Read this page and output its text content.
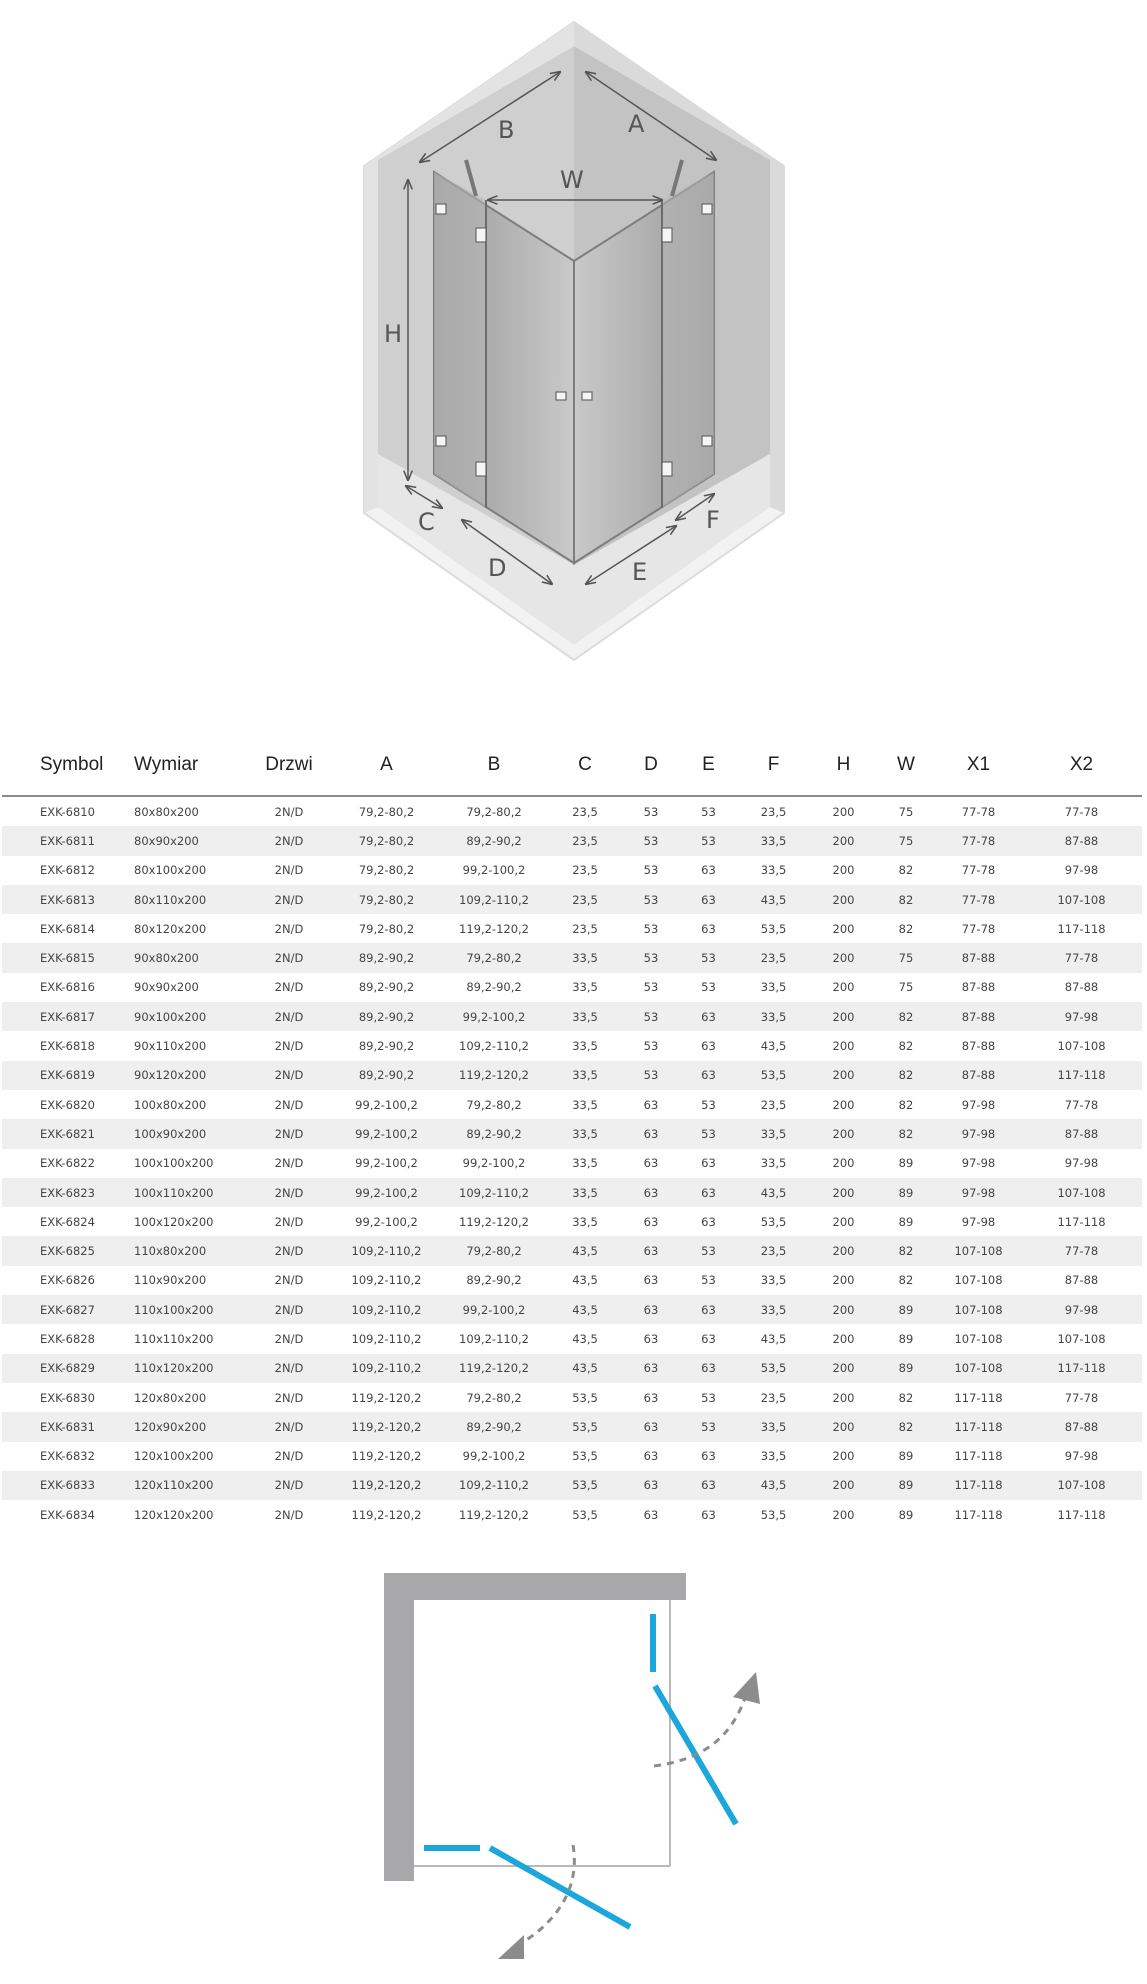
B	A
W
H
C
D	E
F
Symbol	Wymiar	Drzwi	A	B	C	D	E	F	H	W	X1	X2
EXK-6810	80x80x200	2N/D	79,2-80,2	79,2-80,2	23,5	53	53	23,5	200	75	77-78	77-78
EXK-6811	80x90x200	2N/D	79,2-80,2	89,2-90,2	23,5	53	53	33,5	200	75	77-78	87-88
EXK-6812	80x100x200	2N/D	79,2-80,2	99,2-100,2	23,5	53	63	33,5	200	82	77-78	97-98
EXK-6813	80x110x200	2N/D	79,2-80,2	109,2-110,2	23,5	53	63	43,5	200	82	77-78	107-108
EXK-6814	80x120x200	2N/D	79,2-80,2	119,2-120,2	23,5	53	63	53,5	200	82	77-78	117-118
EXK-6815	90x80x200	2N/D	89,2-90,2	79,2-80,2	33,5	53	53	23,5	200	75	87-88	77-78
EXK-6816	90x90x200	2N/D	89,2-90,2	89,2-90,2	33,5	53	53	33,5	200	75	87-88	87-88
EXK-6817	90x100x200	2N/D	89,2-90,2	99,2-100,2	33,5	53	63	33,5	200	82	87-88	97-98
EXK-6818	90x110x200	2N/D	89,2-90,2	109,2-110,2	33,5	53	63	43,5	200	82	87-88	107-108
EXK-6819	90x120x200	2N/D	89,2-90,2	119,2-120,2	33,5	53	63	53,5	200	82	87-88	117-118
EXK-6820	100x80x200	2N/D	99,2-100,2	79,2-80,2	33,5	63	53	23,5	200	82	97-98	77-78
EXK-6821	100x90x200	2N/D	99,2-100,2	89,2-90,2	33,5	63	53	33,5	200	82	97-98	87-88
EXK-6822	100x100x200	2N/D	99,2-100,2	99,2-100,2	33,5	63	63	33,5	200	89	97-98	97-98
EXK-6823	100x110x200	2N/D	99,2-100,2	109,2-110,2	33,5	63	63	43,5	200	89	97-98	107-108
EXK-6824	100x120x200	2N/D	99,2-100,2	119,2-120,2	33,5	63	63	53,5	200	89	97-98	117-118
EXK-6825	110x80x200	2N/D	109,2-110,2	79,2-80,2	43,5	63	53	23,5	200	82	107-108	77-78
EXK-6826	110x90x200	2N/D	109,2-110,2	89,2-90,2	43,5	63	53	33,5	200	82	107-108	87-88
EXK-6827	110x100x200	2N/D	109,2-110,2	99,2-100,2	43,5	63	63	33,5	200	89	107-108	97-98
EXK-6828	110x110x200	2N/D	109,2-110,2	109,2-110,2	43,5	63	63	43,5	200	89	107-108	107-108
EXK-6829	110x120x200	2N/D	109,2-110,2	119,2-120,2	43,5	63	63	53,5	200	89	107-108	117-118
EXK-6830	120x80x200	2N/D	119,2-120,2	79,2-80,2	53,5	63	53	23,5	200	82	117-118	77-78
EXK-6831	120x90x200	2N/D	119,2-120,2	89,2-90,2	53,5	63	53	33,5	200	82	117-118	87-88
EXK-6832	120x100x200	2N/D	119,2-120,2	99,2-100,2	53,5	63	63	33,5	200	89	117-118	97-98
EXK-6833	120x110x200	2N/D	119,2-120,2	109,2-110,2	53,5	63	63	43,5	200	89	117-118	107-108
EXK-6834	120x120x200	2N/D	119,2-120,2	119,2-120,2	53,5	63	63	53,5	200	89	117-118	117-118
